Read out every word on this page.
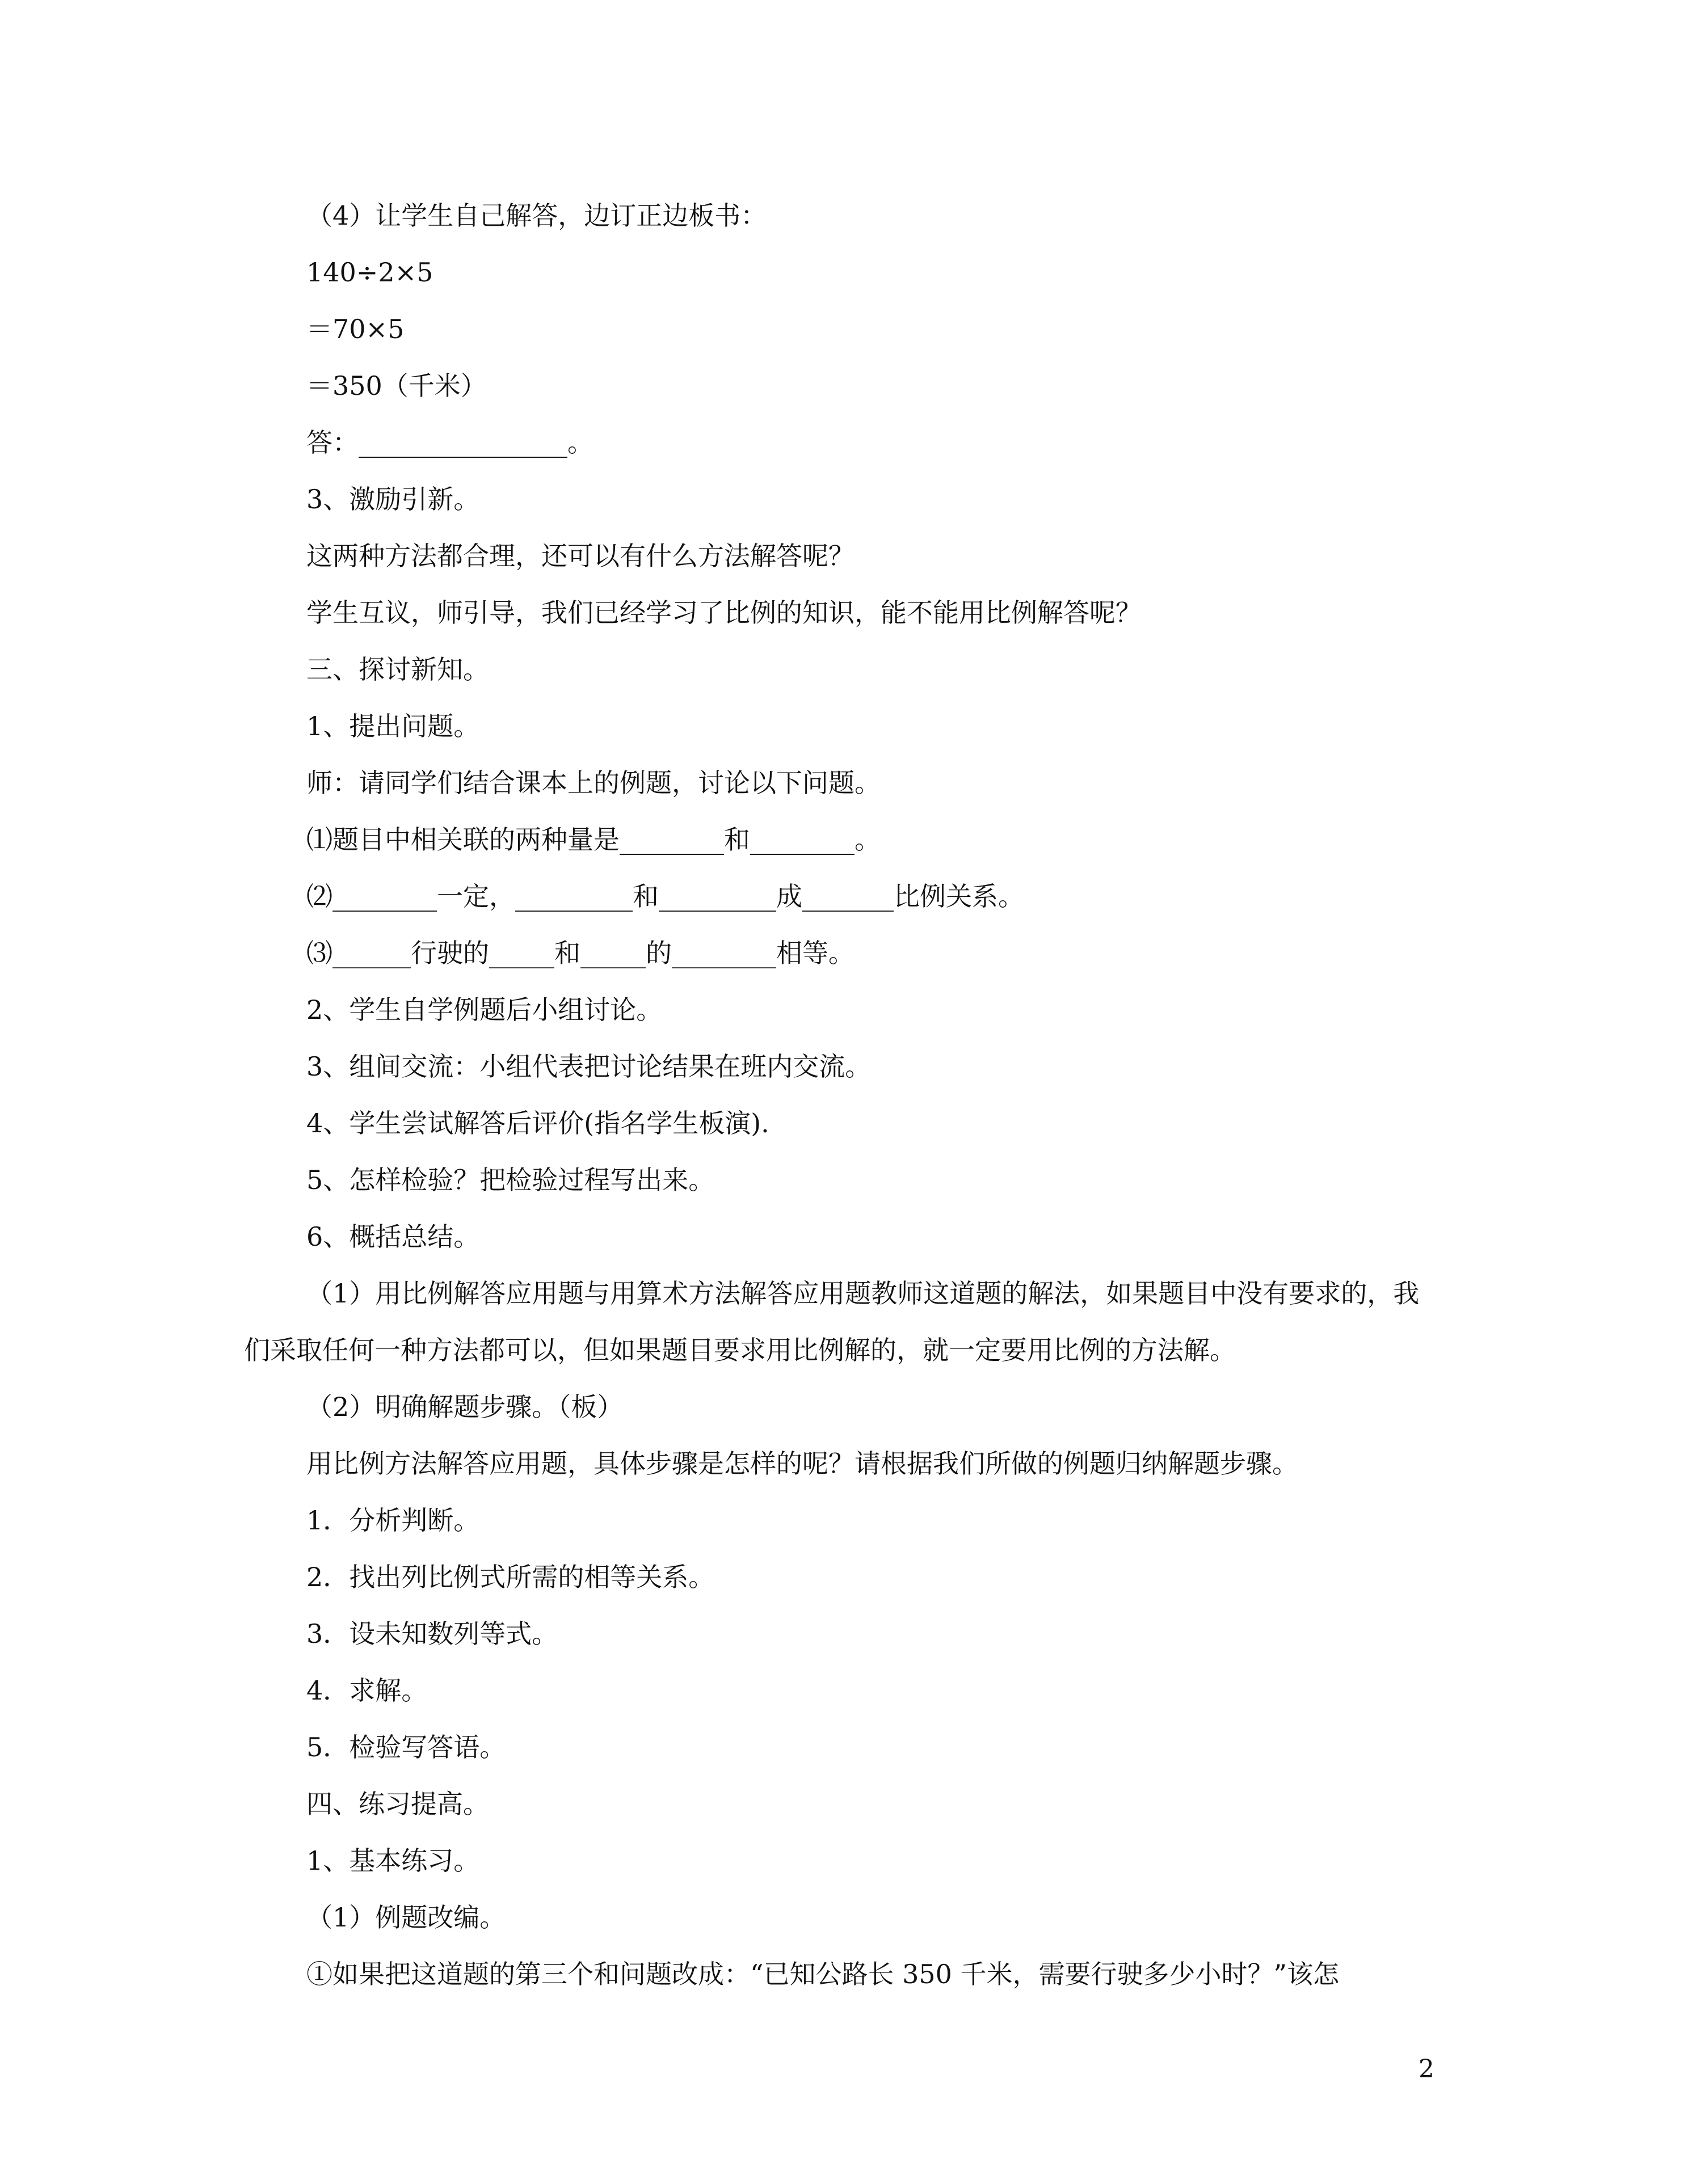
（4）让学生自己解答，边订正边板书：
140÷2×5
＝70×5
＝350（千米）
答：________________。
3、激励引新。
这两种方法都合理，还可以有什么方法解答呢？
学生互议，师引导，我们已经学习了比例的知识，能不能用比例解答呢？
三、探讨新知。
1、提出问题。
师：请同学们结合课本上的例题，讨论以下问题。
⑴题目中相关联的两种量是________和________。
⑵________一定，_________和_________成_______比例关系。
⑶______行驶的_____和_____的________相等。
2、学生自学例题后小组讨论。
3、组间交流：小组代表把讨论结果在班内交流。
4、学生尝试解答后评价(指名学生板演).
5、怎样检验？把检验过程写出来。
6、概括总结。
（1）用比例解答应用题与用算术方法解答应用题教师这道题的解法，如果题目中没有要求的，我们采取任何一种方法都可以，但如果题目要求用比例解的，就一定要用比例的方法解。
（2）明确解题步骤。（板）
用比例方法解答应用题，具体步骤是怎样的呢？请根据我们所做的例题归纳解题步骤。
1．分析判断。
2．找出列比例式所需的相等关系。
3．设未知数列等式。
4．求解。
5．检验写答语。
四、练习提高。
1、基本练习。
（1）例题改编。
①如果把这道题的第三个和问题改成：“已知公路长 350 千米，需要行驶多少小时？”该怎
2
